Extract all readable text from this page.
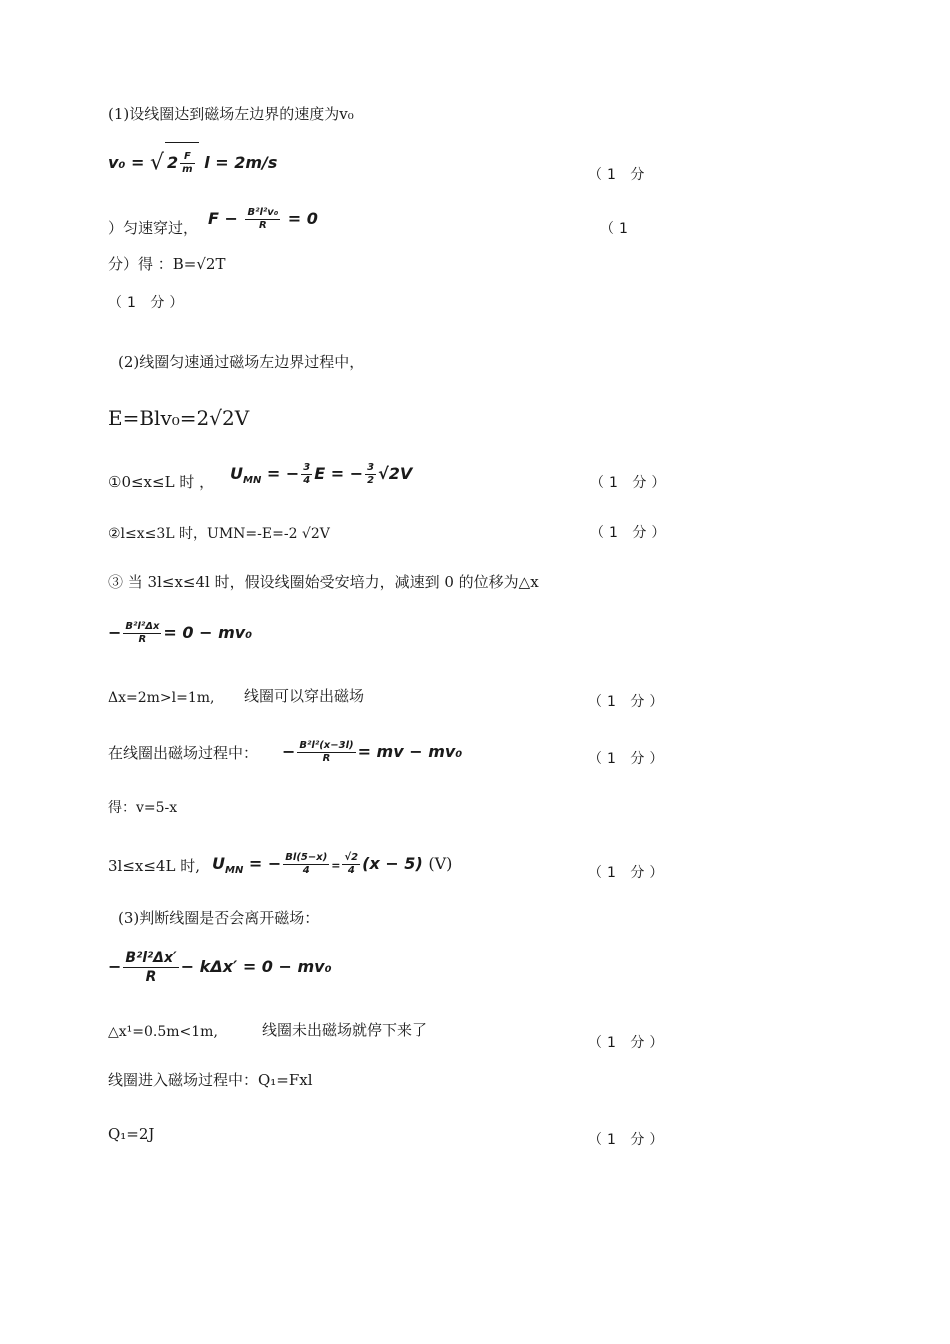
(1)设线圈达到磁场左边界的速度为v₀
v₀ = √ $2 \frac{F}{m}$ l = 2m/s
（1 分
）匀速穿过， $F - \frac{\text{B²l²v₀}}{R} = 0$
（1
分）得 ：B=√2T
（1 分）
(2)线圈匀速通过磁场左边界过程中，
E=Blv₀=2√2V
①0≤x≤L 时 ， $U_{MN}$ = − $\frac{3}{4}$ E = − $\frac{3}{2} √2V$	（1 分）
②l≤x≤3L 时，UMN=-E=-2 √2V	（1 分）
③ 当 3l≤x≤4l 时，假设线圈始受安培力，减速到 0 的位移为△x
− $\frac{\text{B²l²Δx}}{R} = 0 - mv_0$
Δx=2m>l=1m, 线圈可以穿出磁场	（1 分）
在线圈出磁场过程中： − $\frac{\text{B²l²(x−3l)}}{R}$ = mv − mv₀	（1 分）
得：v=5-x
3l≤x≤4L 时, $U_{MN}$ = − $\frac{Bl(5-x)}{4} = \frac{√2}{4} (x - 5)$ (V)	（1 分）
(3)判断线圈是否会离开磁场：
− $\frac{\text{B²l²Δx′}}{R} - k\Delta x' = 0 - mv_0$
△x¹=0.5m<1m,	线圈未出磁场就停下来了
（1 分）
线圈进入磁场过程中：Q₁=Fxl
Q₁=2J	（1 分）
